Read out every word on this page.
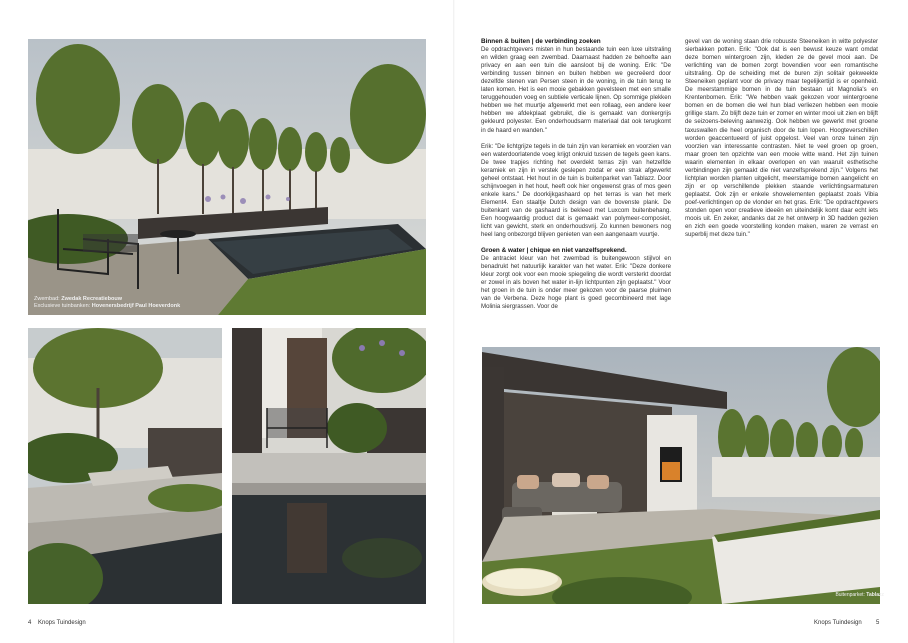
Zwembad: Zwedak Recreatiebouw
Exclusieve tuinbanken: Hovenersbedrijf Paul Hoeverdonk
4 Knops Tuindesign
Binnen & buiten | de verbinding zoeken

De opdrachtgevers misten in hun bestaande tuin een luxe uitstraling en wilden graag een zwembad. Daarnaast hadden ze behoefte aan privacy en aan een tuin die aansloot bij de woning. Erik: "De verbinding tussen binnen en buiten hebben we gecreëerd door dezelfde stenen van Persen steen in de woning, in de tuin terug te laten komen. Het is een mooie gebakken gevelsteen met een smalle teruggehouden voeg en subtiele verticale lijnen. Op sommige plekken hebben we het muurtje afgewerkt met een rollaag, een andere keer hebben we afdekplaat gebruikt, die is gemaakt van donkergrijs gekleurd polyester. Een onderhoudsarm materiaal dat ook terugkomt in de haard en wanden."

Erik: "De lichtgrijze tegels in de tuin zijn van keramiek en voorzien van een waterdoorlatende voeg krijgt onkruid tussen de tegels geen kans. De twee trapjes richting het overdekt terras zijn van hetzelfde keramiek en zijn in verstek geslepen zodat er een strak afgewerkt geheel ontstaat. Het hout in de tuin is buitenparket van Tablazz. Door schijnvoegen in het hout, heeft ook hier ongewenst gras of mos geen enkele kans." De doorkijkgashaard op het terras is van het merk Element4. Een staaltje Dutch design van de bovenste plank. De buitenkant van de gashaard is bekleed met Luxcom buitenbehang. Een hoogwaardig product dat is gemaakt van polymeer-composiet, licht van gewicht, sterk en onderhoudsvrij. Zo kunnen bewoners nog heel lang onbezorgd blijven genieten van een aangenaam vuurtje.

Groen & water | chique en niet vanzelfsprekend.

De antraciet kleur van het zwembad is buitengewoon stijlvol en benadrukt het natuurlijk karakter van het water. Erik: "Deze donkere kleur zorgt ook voor een mooie spiegeling die wordt versterkt doordat er zowel in als boven het water in-lijn lichtpunten zijn geplaatst." Voor het groen in de tuin is onder meer gekozen voor de paarse pluimen van de Verbena. Deze hoge plant is goed gecombineerd met lage Molinia siergrassen. Voor de

gevel van de woning staan drie robuuste Steeneiken in witte polyester sierbakken potten. Erik: "Ook dat is een bewust keuze want omdat deze bomen wintergroen zijn, kleden ze de gevel mooi aan. De verlichting van de bomen zorgt bovendien voor een romantische uitstraling. Op de scheiding met de buren zijn solitair gekweekte Steeneiken geplant voor de privacy maar tegelijkertijd is er openheid. De meerstammige bomen in de tuin bestaan uit Magnolia's en Krentenbomen. Erik: "We hebben vaak gekozen voor wintergroene bomen en de bomen die wel hun blad verliezen hebben een mooie grillige stam. Zo blijft deze tuin er zomer en winter mooi uit zien en blijft de seizoens-beleving aanwezig. Ook hebben we gewerkt met groene taxuswallen die heel organisch door de tuin lopen. Hoogteverschillen worden geaccentueerd of juist opgelost. Veel van onze tuinen zijn voorzien van interessante contrasten. Niet te veel groen op groen, maar groen ten opzichte van een mooie witte wand. Het zijn tuinen waarin elementen in elkaar overlopen en van waaruit esthetische verbindingen zijn gemaakt die niet vanzelfsprekend zijn." Volgens het lichtplan worden planten uitgelicht, meerstamige bomen aangelicht en zijn er op verschillende plekken staande verlichtingsarmaturen geplaatst. Ook zijn er enkele showelementen geplaatst zoals Vibia poef-verlichtingen op de vlonder en het gras. Erik: "De opdrachtgevers stonden open voor creatieve ideeën en uiteindelijk komt daar echt iets moois uit. En zeker, andanks dat ze het ontwerp in 3D hadden gezien en zich een goede voorstelling konden maken, waren ze verrast en superblij met deze tuin."

Buitenparket: Tablazz
Knops Tuindesign 5
